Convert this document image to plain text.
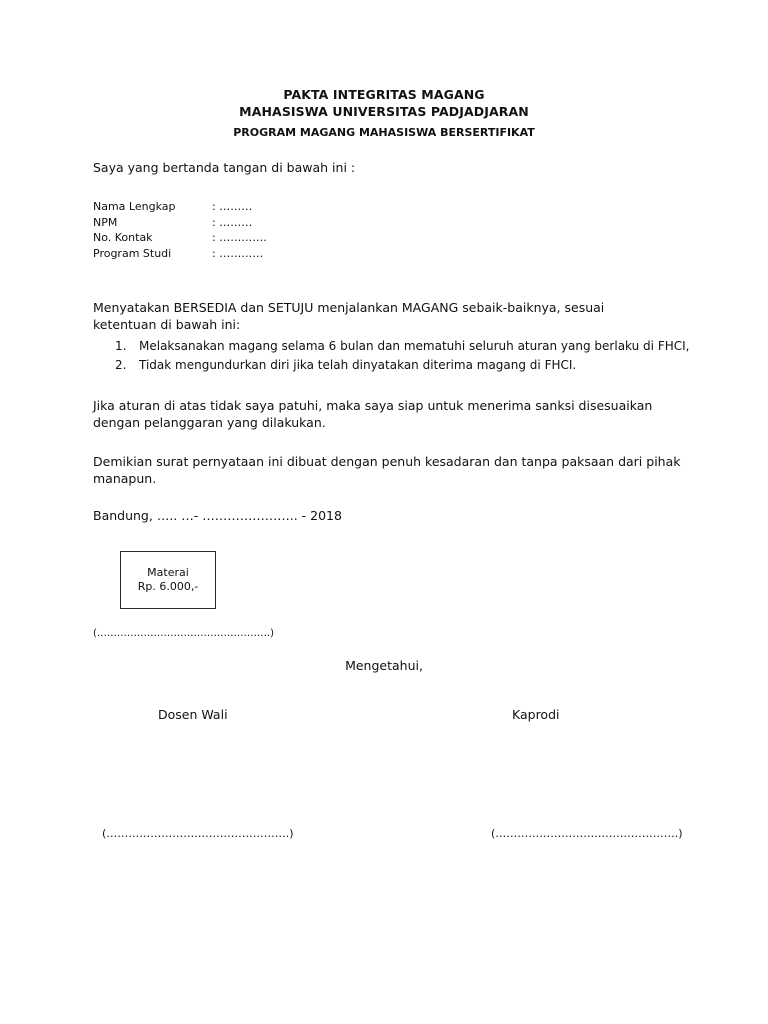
PAKTA INTEGRITAS MAGANG
MAHASISWA UNIVERSITAS PADJADJARAN
PROGRAM MAGANG MAHASISWA BERSERTIFIKAT
Saya yang bertanda tangan di bawah ini :
Nama Lengkap	: ………
NPM	: ………
No. Kontak	: ………….
Program Studi	: …………
Menyatakan BERSEDIA dan SETUJU menjalankan MAGANG sebaik-baiknya, sesuai ketentuan di bawah ini:
1.	Melaksanakan magang selama 6 bulan dan mematuhi seluruh aturan yang berlaku di FHCI,
2.	Tidak mengundurkan diri jika telah dinyatakan diterima magang di FHCI.
Jika aturan di atas tidak saya patuhi, maka saya siap untuk menerima sanksi disesuaikan dengan pelanggaran yang dilakukan.
Demikian surat pernyataan ini dibuat dengan penuh kesadaran dan tanpa paksaan dari pihak manapun.
Bandung, ….. …- ………………….. - 2018
Materai
Rp. 6.000,-
(…………………………………………….)
Mengetahui,
Dosen Wali	Kaprodi
(…………………….…………………….)	(……………………….………………….)
